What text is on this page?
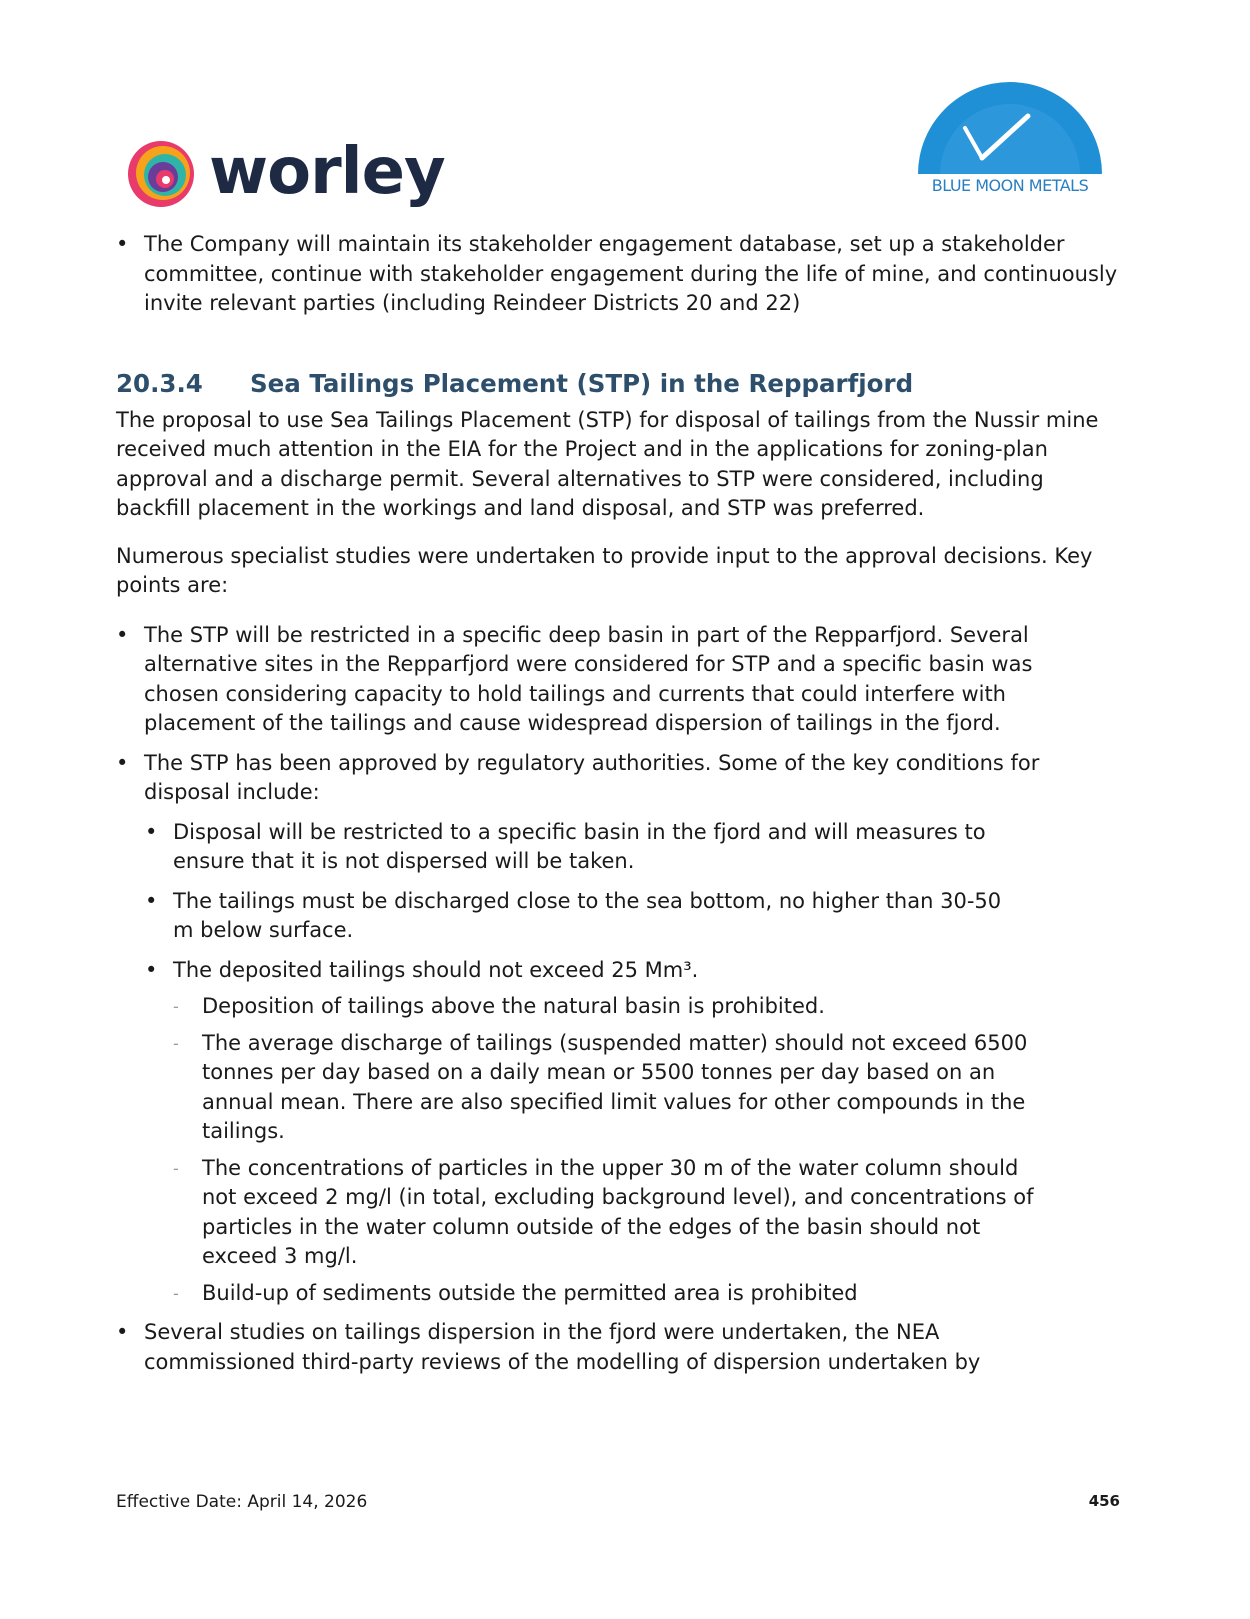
worley	BLUE MOON METALS
• The Company will maintain its stakeholder engagement database, set up a stakeholder committee, continue with stakeholder engagement during the life of mine, and continuously invite relevant parties (including Reindeer Districts 20 and 22)
20.3.4	Sea Tailings Placement (STP) in the Repparfjord

The proposal to use Sea Tailings Placement (STP) for disposal of tailings from the Nussir mine received much attention in the EIA for the Project and in the applications for zoning-plan approval and a discharge permit. Several alternatives to STP were considered, including backfill placement in the workings and land disposal, and STP was preferred.

Numerous specialist studies were undertaken to provide input to the approval decisions. Key points are:

• The STP will be restricted in a specific deep basin in part of the Repparfjord. Several alternative sites in the Repparfjord were considered for STP and a specific basin was chosen considering capacity to hold tailings and currents that could interfere with placement of the tailings and cause widespread dispersion of tailings in the fjord.
• The STP has been approved by regulatory authorities. Some of the key conditions for disposal include:
• Disposal will be restricted to a specific basin in the fjord and will measures to ensure that it is not dispersed will be taken.
• The tailings must be discharged close to the sea bottom, no higher than 30-50 m below surface.
• The deposited tailings should not exceed 25 Mm³.
- Deposition of tailings above the natural basin is prohibited.
- The average discharge of tailings (suspended matter) should not exceed 6500 tonnes per day based on a daily mean or 5500 tonnes per day based on an annual mean. There are also specified limit values for other compounds in the tailings.
- The concentrations of particles in the upper 30 m of the water column should not exceed 2 mg/l (in total, excluding background level), and concentrations of particles in the water column outside of the edges of the basin should not exceed 3 mg/l.
- Build-up of sediments outside the permitted area is prohibited
• Several studies on tailings dispersion in the fjord were undertaken, the NEA commissioned third-party reviews of the modelling of dispersion undertaken by
Effective Date: April 14, 2026	456
